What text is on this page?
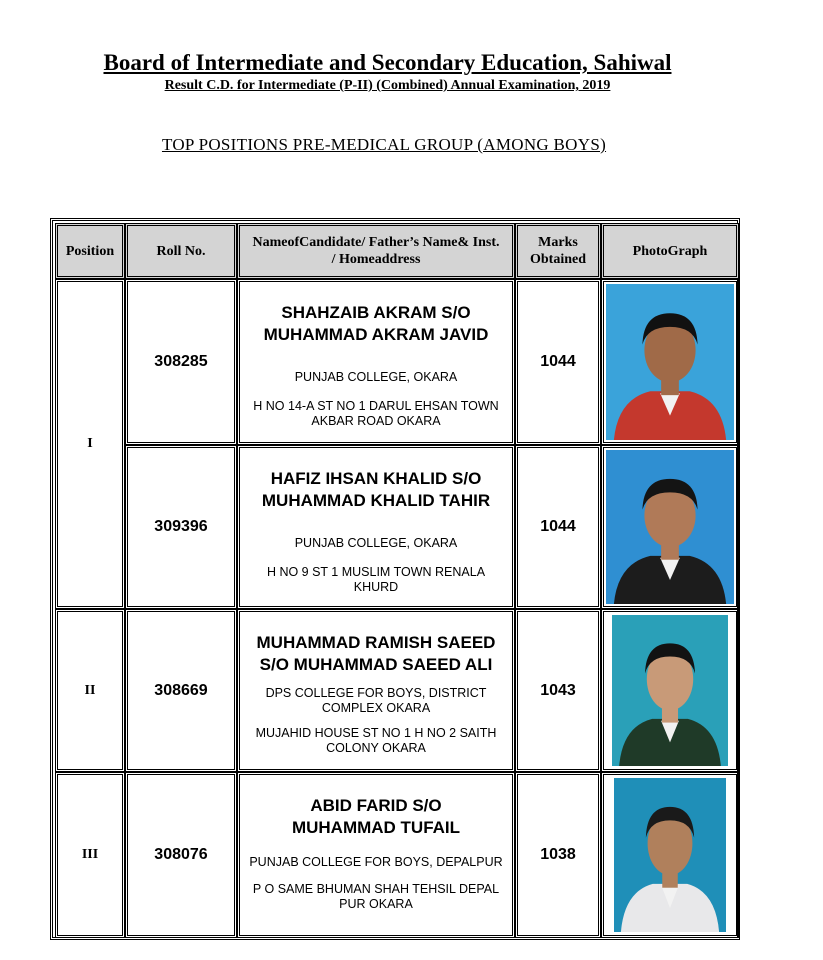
Board of Intermediate and Secondary Education, Sahiwal
Result C.D. for Intermediate (P-II) (Combined) Annual Examination, 2019
TOP POSITIONS PRE-MEDICAL GROUP (AMONG BOYS)
Position	Roll No.
NameofCandidate/ Father’s Name& Inst. / Homeaddress
Marks Obtained
PhotoGraph
I
II
III
308285
SHAHZAIB AKRAM S/O MUHAMMAD AKRAM JAVID
PUNJAB COLLEGE, OKARA
H NO 14-A ST NO 1 DARUL EHSAN TOWN AKBAR ROAD OKARA
1044
309396
HAFIZ IHSAN KHALID S/O MUHAMMAD KHALID TAHIR
PUNJAB COLLEGE, OKARA
H NO 9 ST 1 MUSLIM TOWN RENALA KHURD
1044
308669
MUHAMMAD RAMISH SAEED S/O MUHAMMAD SAEED ALI
DPS COLLEGE FOR BOYS, DISTRICT COMPLEX OKARA
MUJAHID HOUSE ST NO 1 H NO 2 SAITH COLONY OKARA
1043
308076
ABID FARID S/O MUHAMMAD TUFAIL
PUNJAB COLLEGE FOR BOYS, DEPALPUR
P O SAME BHUMAN SHAH TEHSIL DEPAL PUR OKARA
1038
